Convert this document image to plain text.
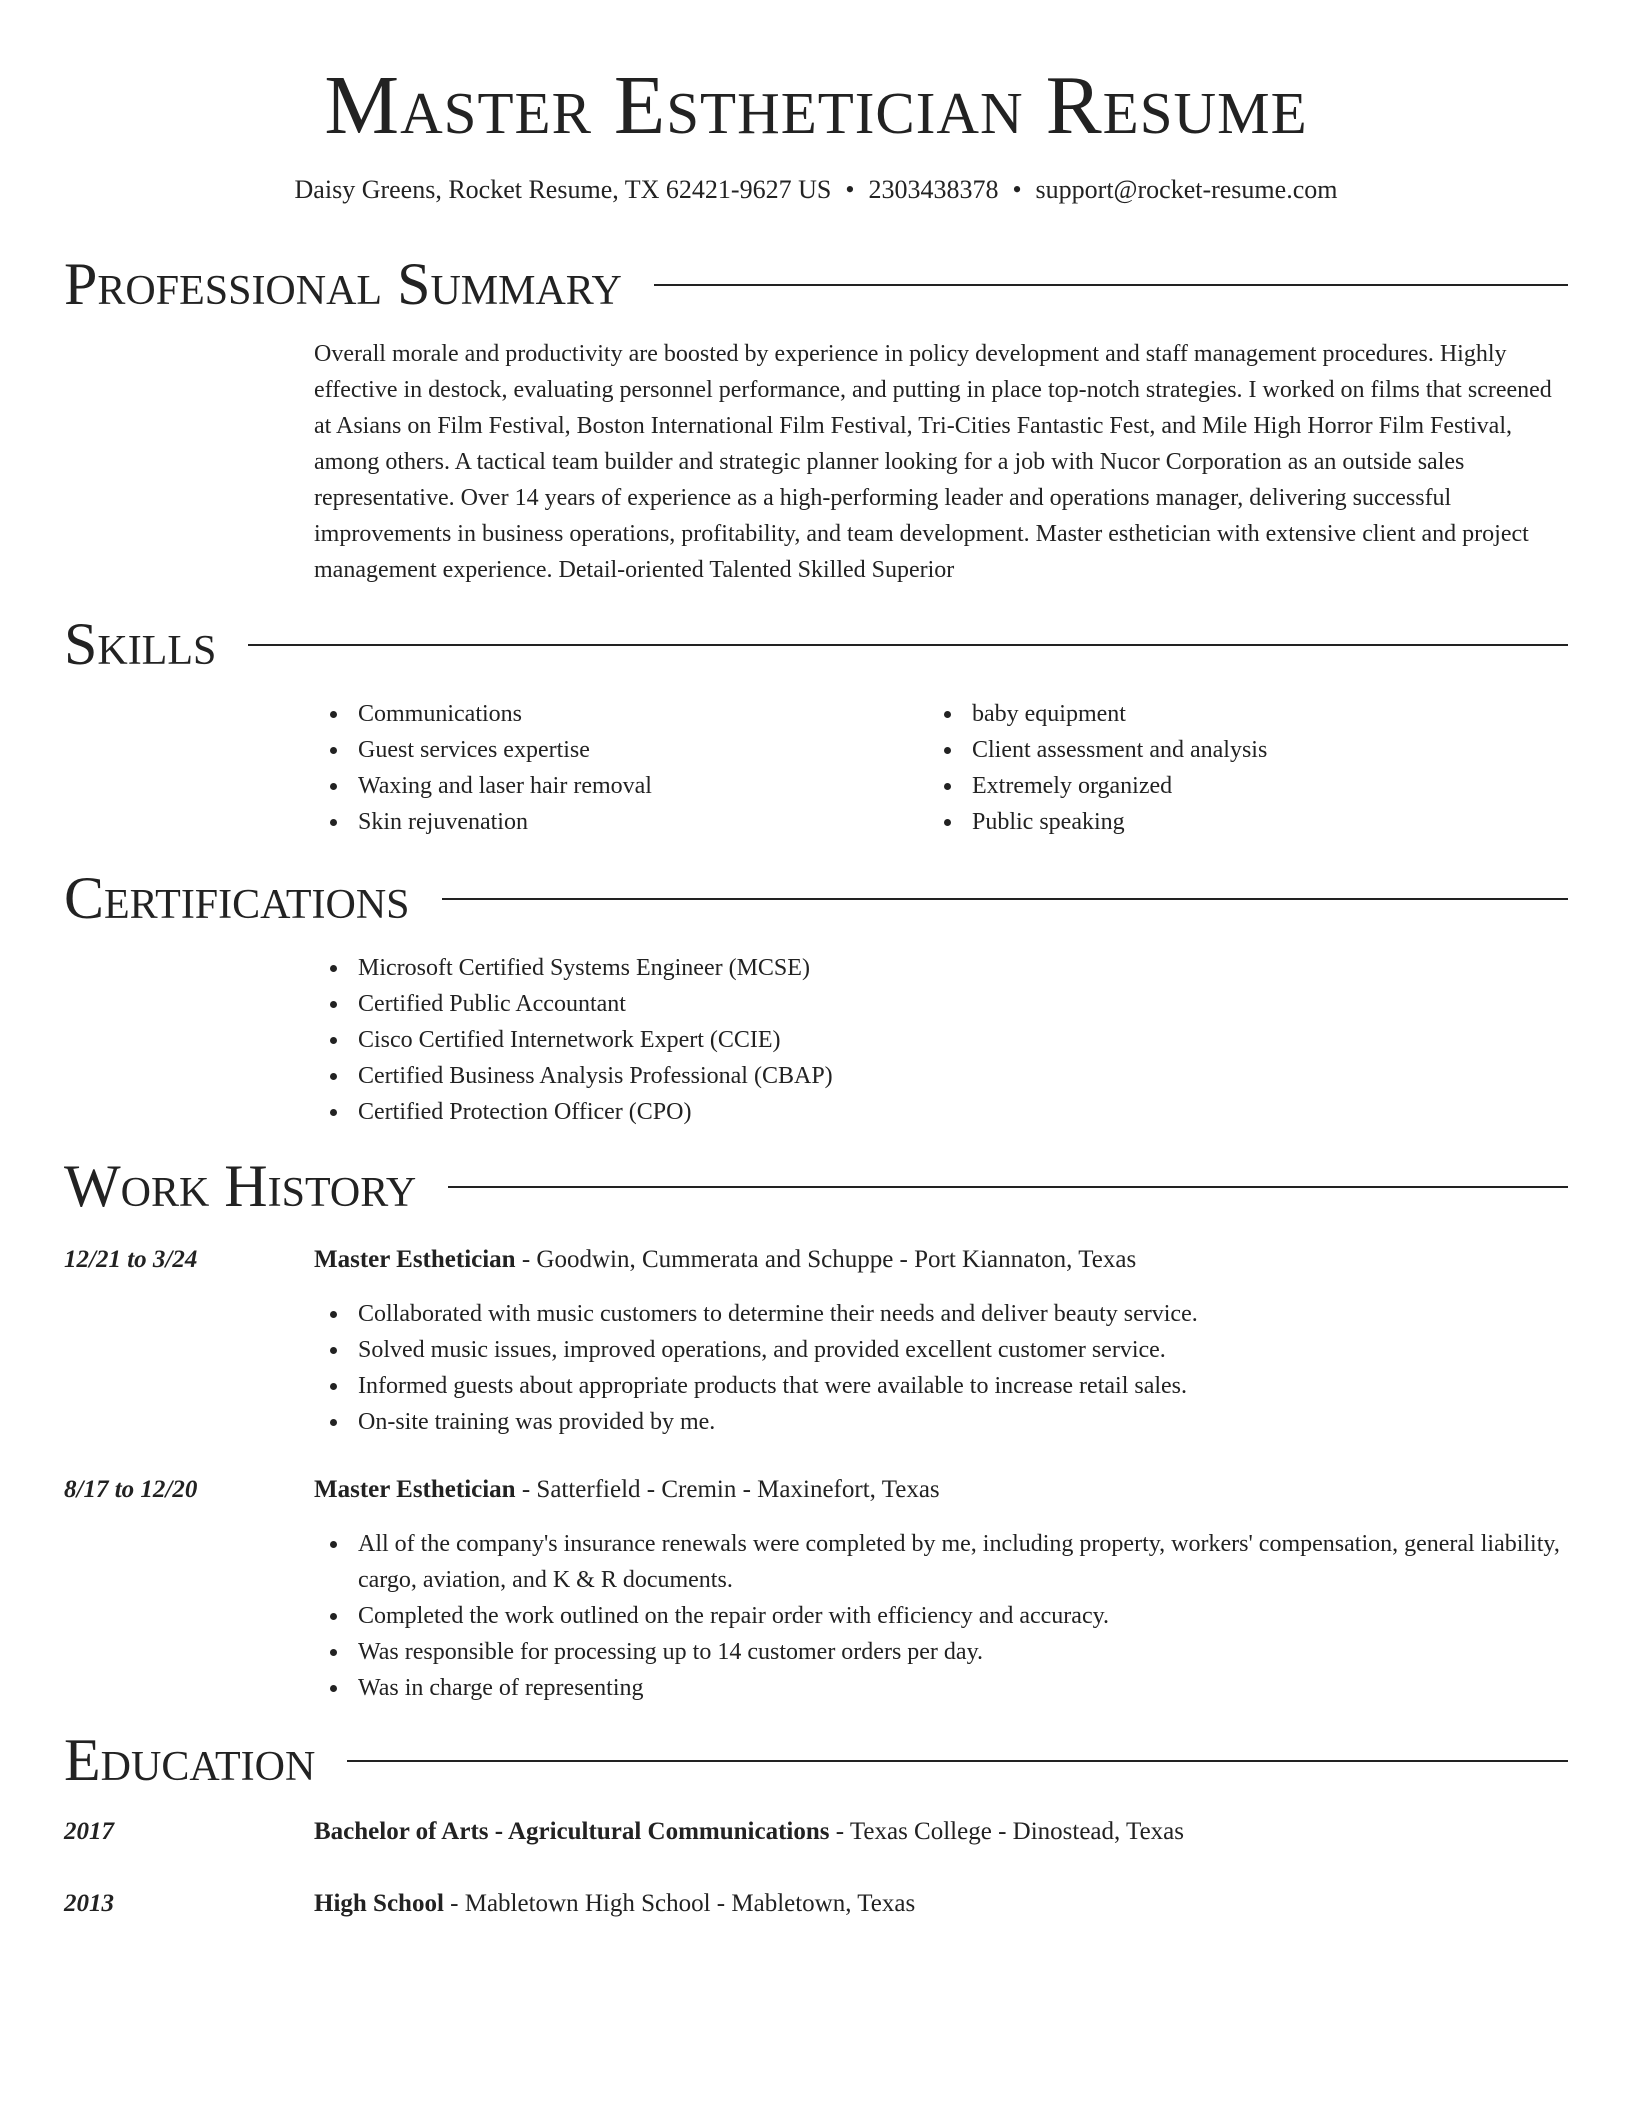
Master Esthetician Resume
Daisy Greens, Rocket Resume, TX 62421-9627 US • 2303438378 • support@rocket-resume.com
Professional Summary

Overall morale and productivity are boosted by experience in policy development and staff management procedures. Highly effective in destock, evaluating personnel performance, and putting in place top-notch strategies. I worked on films that screened at Asians on Film Festival, Boston International Film Festival, Tri-Cities Fantastic Fest, and Mile High Horror Film Festival, among others. A tactical team builder and strategic planner looking for a job with Nucor Corporation as an outside sales representative. Over 14 years of experience as a high-performing leader and operations manager, delivering successful improvements in business operations, profitability, and team development. Master esthetician with extensive client and project management experience. Detail-oriented Talented Skilled Superior

Skills
Communications
Guest services expertise
Waxing and laser hair removal
Skin rejuvenation
baby equipment
Client assessment and analysis
Extremely organized
Public speaking
Certifications
Microsoft Certified Systems Engineer (MCSE)
Certified Public Accountant
Cisco Certified Internetwork Expert (CCIE)
Certified Business Analysis Professional (CBAP)
Certified Protection Officer (CPO)
Work History
12/21 to 3/24	Master Esthetician - Goodwin, Cummerata and Schuppe - Port Kiannaton, Texas
Collaborated with music customers to determine their needs and deliver beauty service.
Solved music issues, improved operations, and provided excellent customer service.
Informed guests about appropriate products that were available to increase retail sales.
On-site training was provided by me.
8/17 to 12/20	Master Esthetician - Satterfield - Cremin - Maxinefort, Texas
All of the company's insurance renewals were completed by me, including property, workers' compensation, general liability, cargo, aviation, and K & R documents.
Completed the work outlined on the repair order with efficiency and accuracy.
Was responsible for processing up to 14 customer orders per day.
Was in charge of representing
Education
2017	Bachelor of Arts - Agricultural Communications - Texas College - Dinostead, Texas
2013	High School - Mabletown High School - Mabletown, Texas
